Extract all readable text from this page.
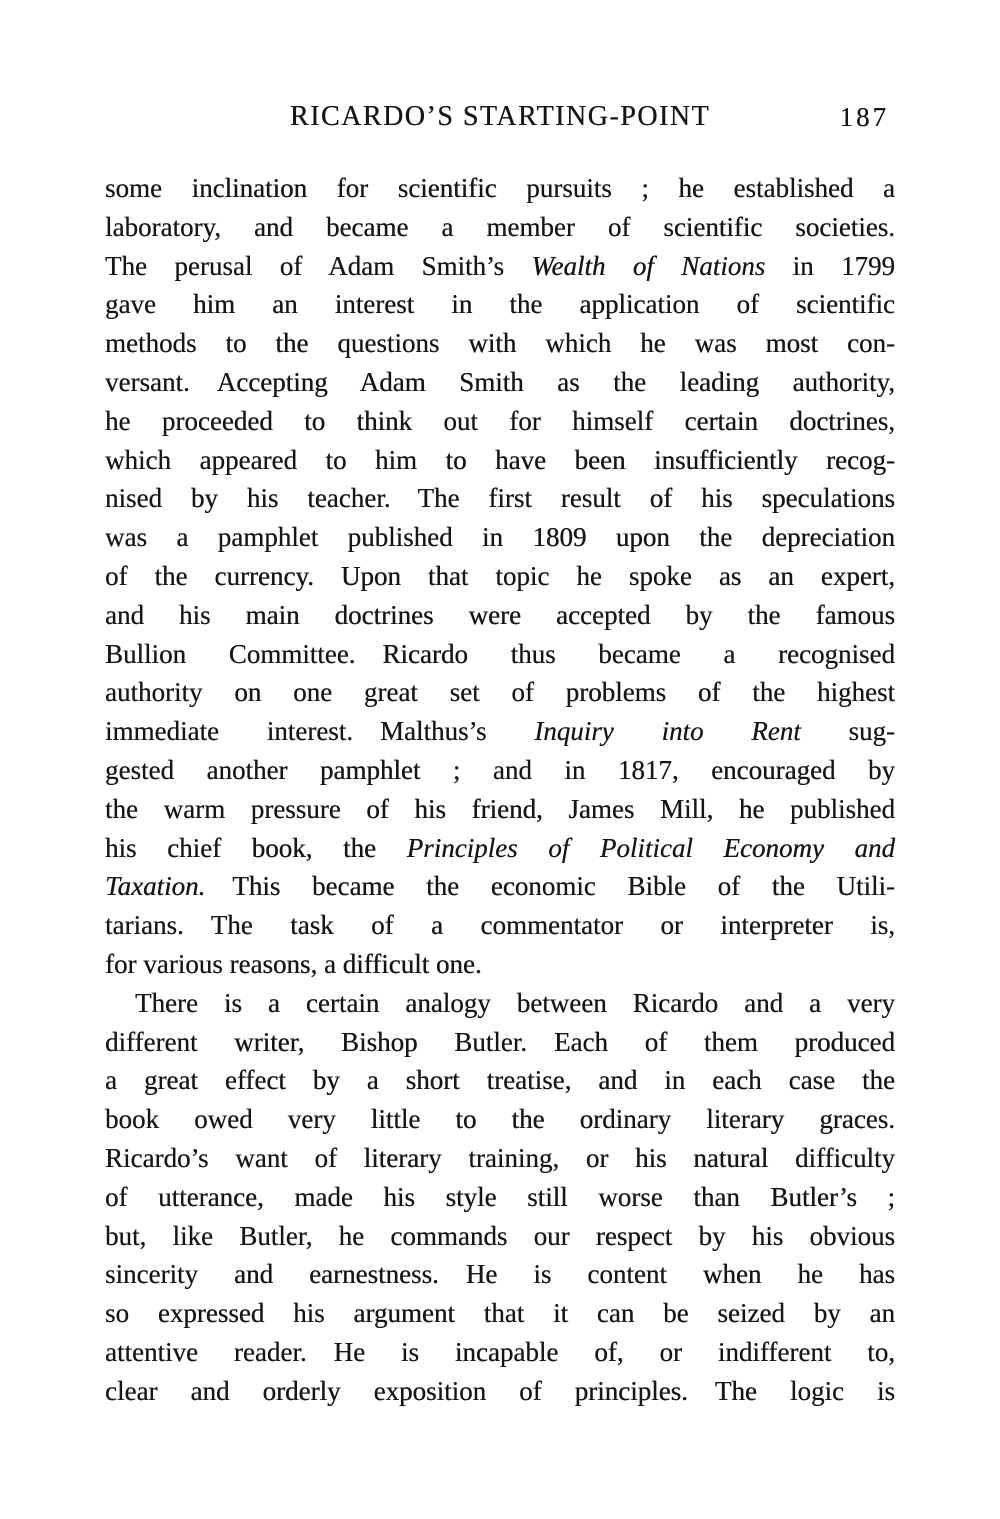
RICARDO’S STARTING-POINT	187
some inclination for scientific pursuits ; he established a
laboratory, and became a member of scientific societies.
The perusal of Adam Smith’s Wealth of Nations in 1799
gave him an interest in the application of scientific
methods to the questions with which he was most con-
versant. Accepting Adam Smith as the leading authority,
he proceeded to think out for himself certain doctrines,
which appeared to him to have been insufficiently recog-
nised by his teacher. The first result of his speculations
was a pamphlet published in 1809 upon the depreciation
of the currency. Upon that topic he spoke as an expert,
and his main doctrines were accepted by the famous
Bullion Committee. Ricardo thus became a recognised
authority on one great set of problems of the highest
immediate interest. Malthus’s Inquiry into Rent sug-
gested another pamphlet ; and in 1817, encouraged by
the warm pressure of his friend, James Mill, he published
his chief book, the Principles of Political Economy and
Taxation. This became the economic Bible of the Utili-
tarians. The task of a commentator or interpreter is,
for various reasons, a difficult one.
There is a certain analogy between Ricardo and a very
different writer, Bishop Butler. Each of them produced
a great effect by a short treatise, and in each case the
book owed very little to the ordinary literary graces.
Ricardo’s want of literary training, or his natural difficulty
of utterance, made his style still worse than Butler’s ;
but, like Butler, he commands our respect by his obvious
sincerity and earnestness. He is content when he has
so expressed his argument that it can be seized by an
attentive reader. He is incapable of, or indifferent to,
clear and orderly exposition of principles. The logic is
